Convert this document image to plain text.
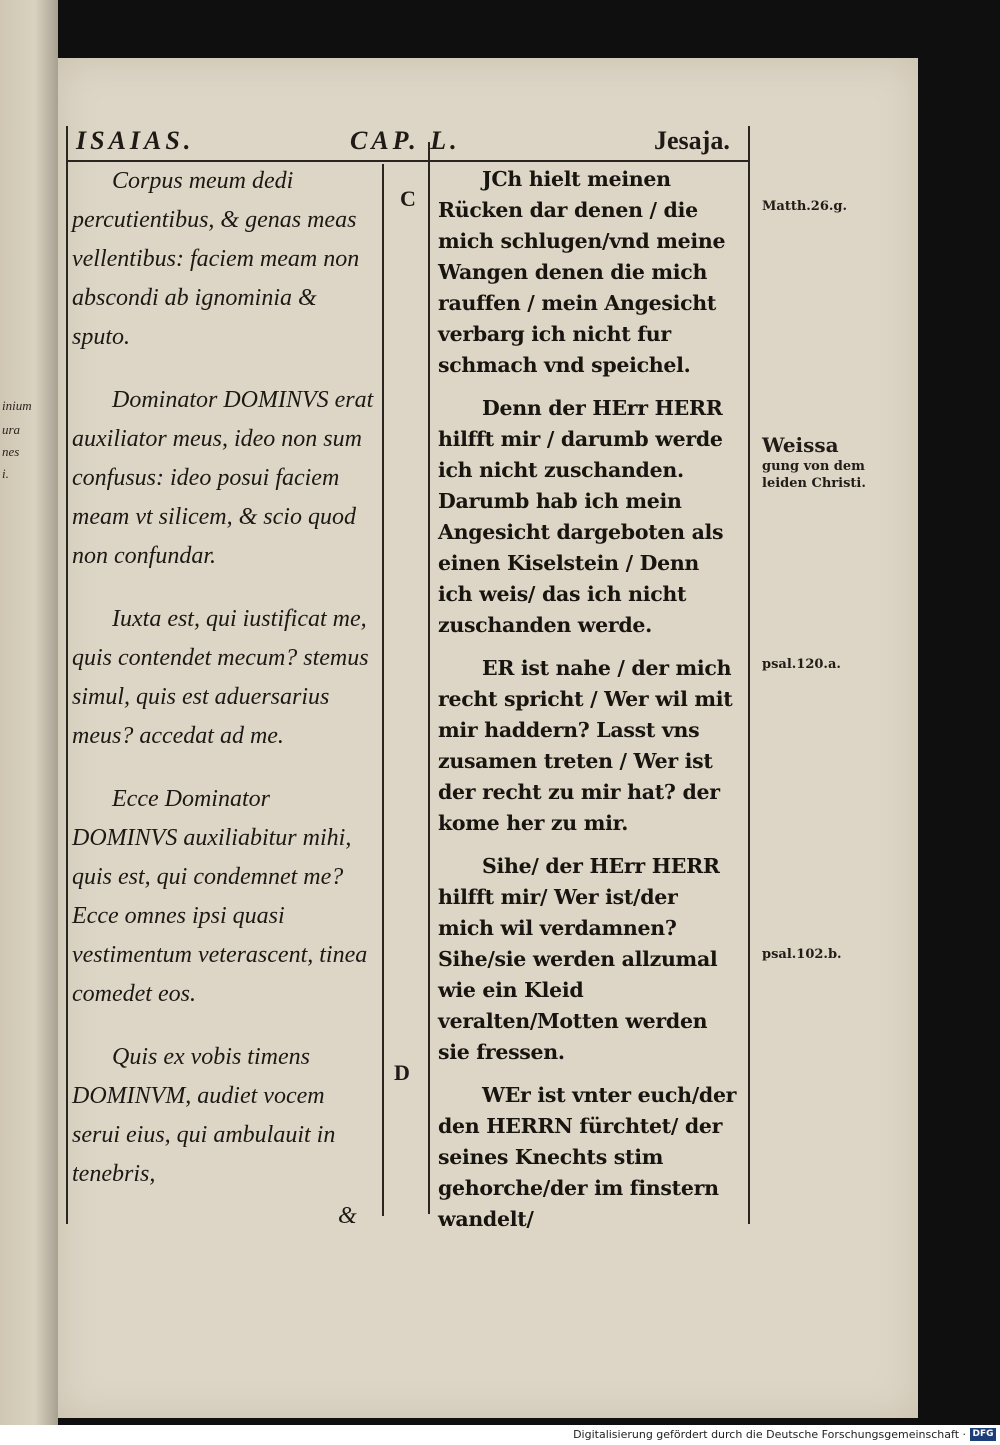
inium
ura
nes
i.
ISAIAS.	CAP. L.	Jesaja.

Corpus meum dedi percutientibus, & genas meas vellentibus: faciem meam non abscondi ab ignominia & sputo.

Dominator DOMINVS erat auxiliator meus, ideo non sum confusus: ideo posui faciem meam vt silicem, & scio quod non confundar.

Iuxta est, qui iustificat me, quis contendet mecum? stemus simul, quis est aduersarius meus? accedat ad me.

Ecce Dominator DOMINVS auxiliabitur mihi, quis est, qui condemnet me? Ecce omnes ipsi quasi vestimentum veterascent, tinea comedet eos.

Quis ex vobis timens DOMINVM, audiet vocem serui eius, qui ambulauit in tenebris,

&
C
D

JCh hielt meinen Rücken dar denen / die mich schlugen/vnd meine Wangen denen die mich rauffen / mein Angesicht verbarg ich nicht fur schmach vnd speichel.

Denn der HErr HERR hilfft mir / darumb werde ich nicht zuschanden. Darumb hab ich mein Angesicht dargeboten als einen Kiselstein / Denn ich weis/ das ich nicht zuschanden werde.

ER ist nahe / der mich recht spricht / Wer wil mit mir haddern? Lasst vns zusamen treten / Wer ist der recht zu mir hat? der kome her zu mir.

Sihe/ der HErr HERR hilfft mir/ Wer ist/der mich wil verdamnen? Sihe/sie werden allzumal wie ein Kleid veralten/Motten werden sie fressen.

WEr ist vnter euch/der den HERRN fürchtet/ der seines Knechts stim gehorche/der im finstern wandelt/

Matth.26.g.
Weissa
gung von dem leiden Christi.
psal.120.a.
psal.102.b.
Digitalisierung gefördert durch die Deutsche Forschungsgemeinschaft · DFG
